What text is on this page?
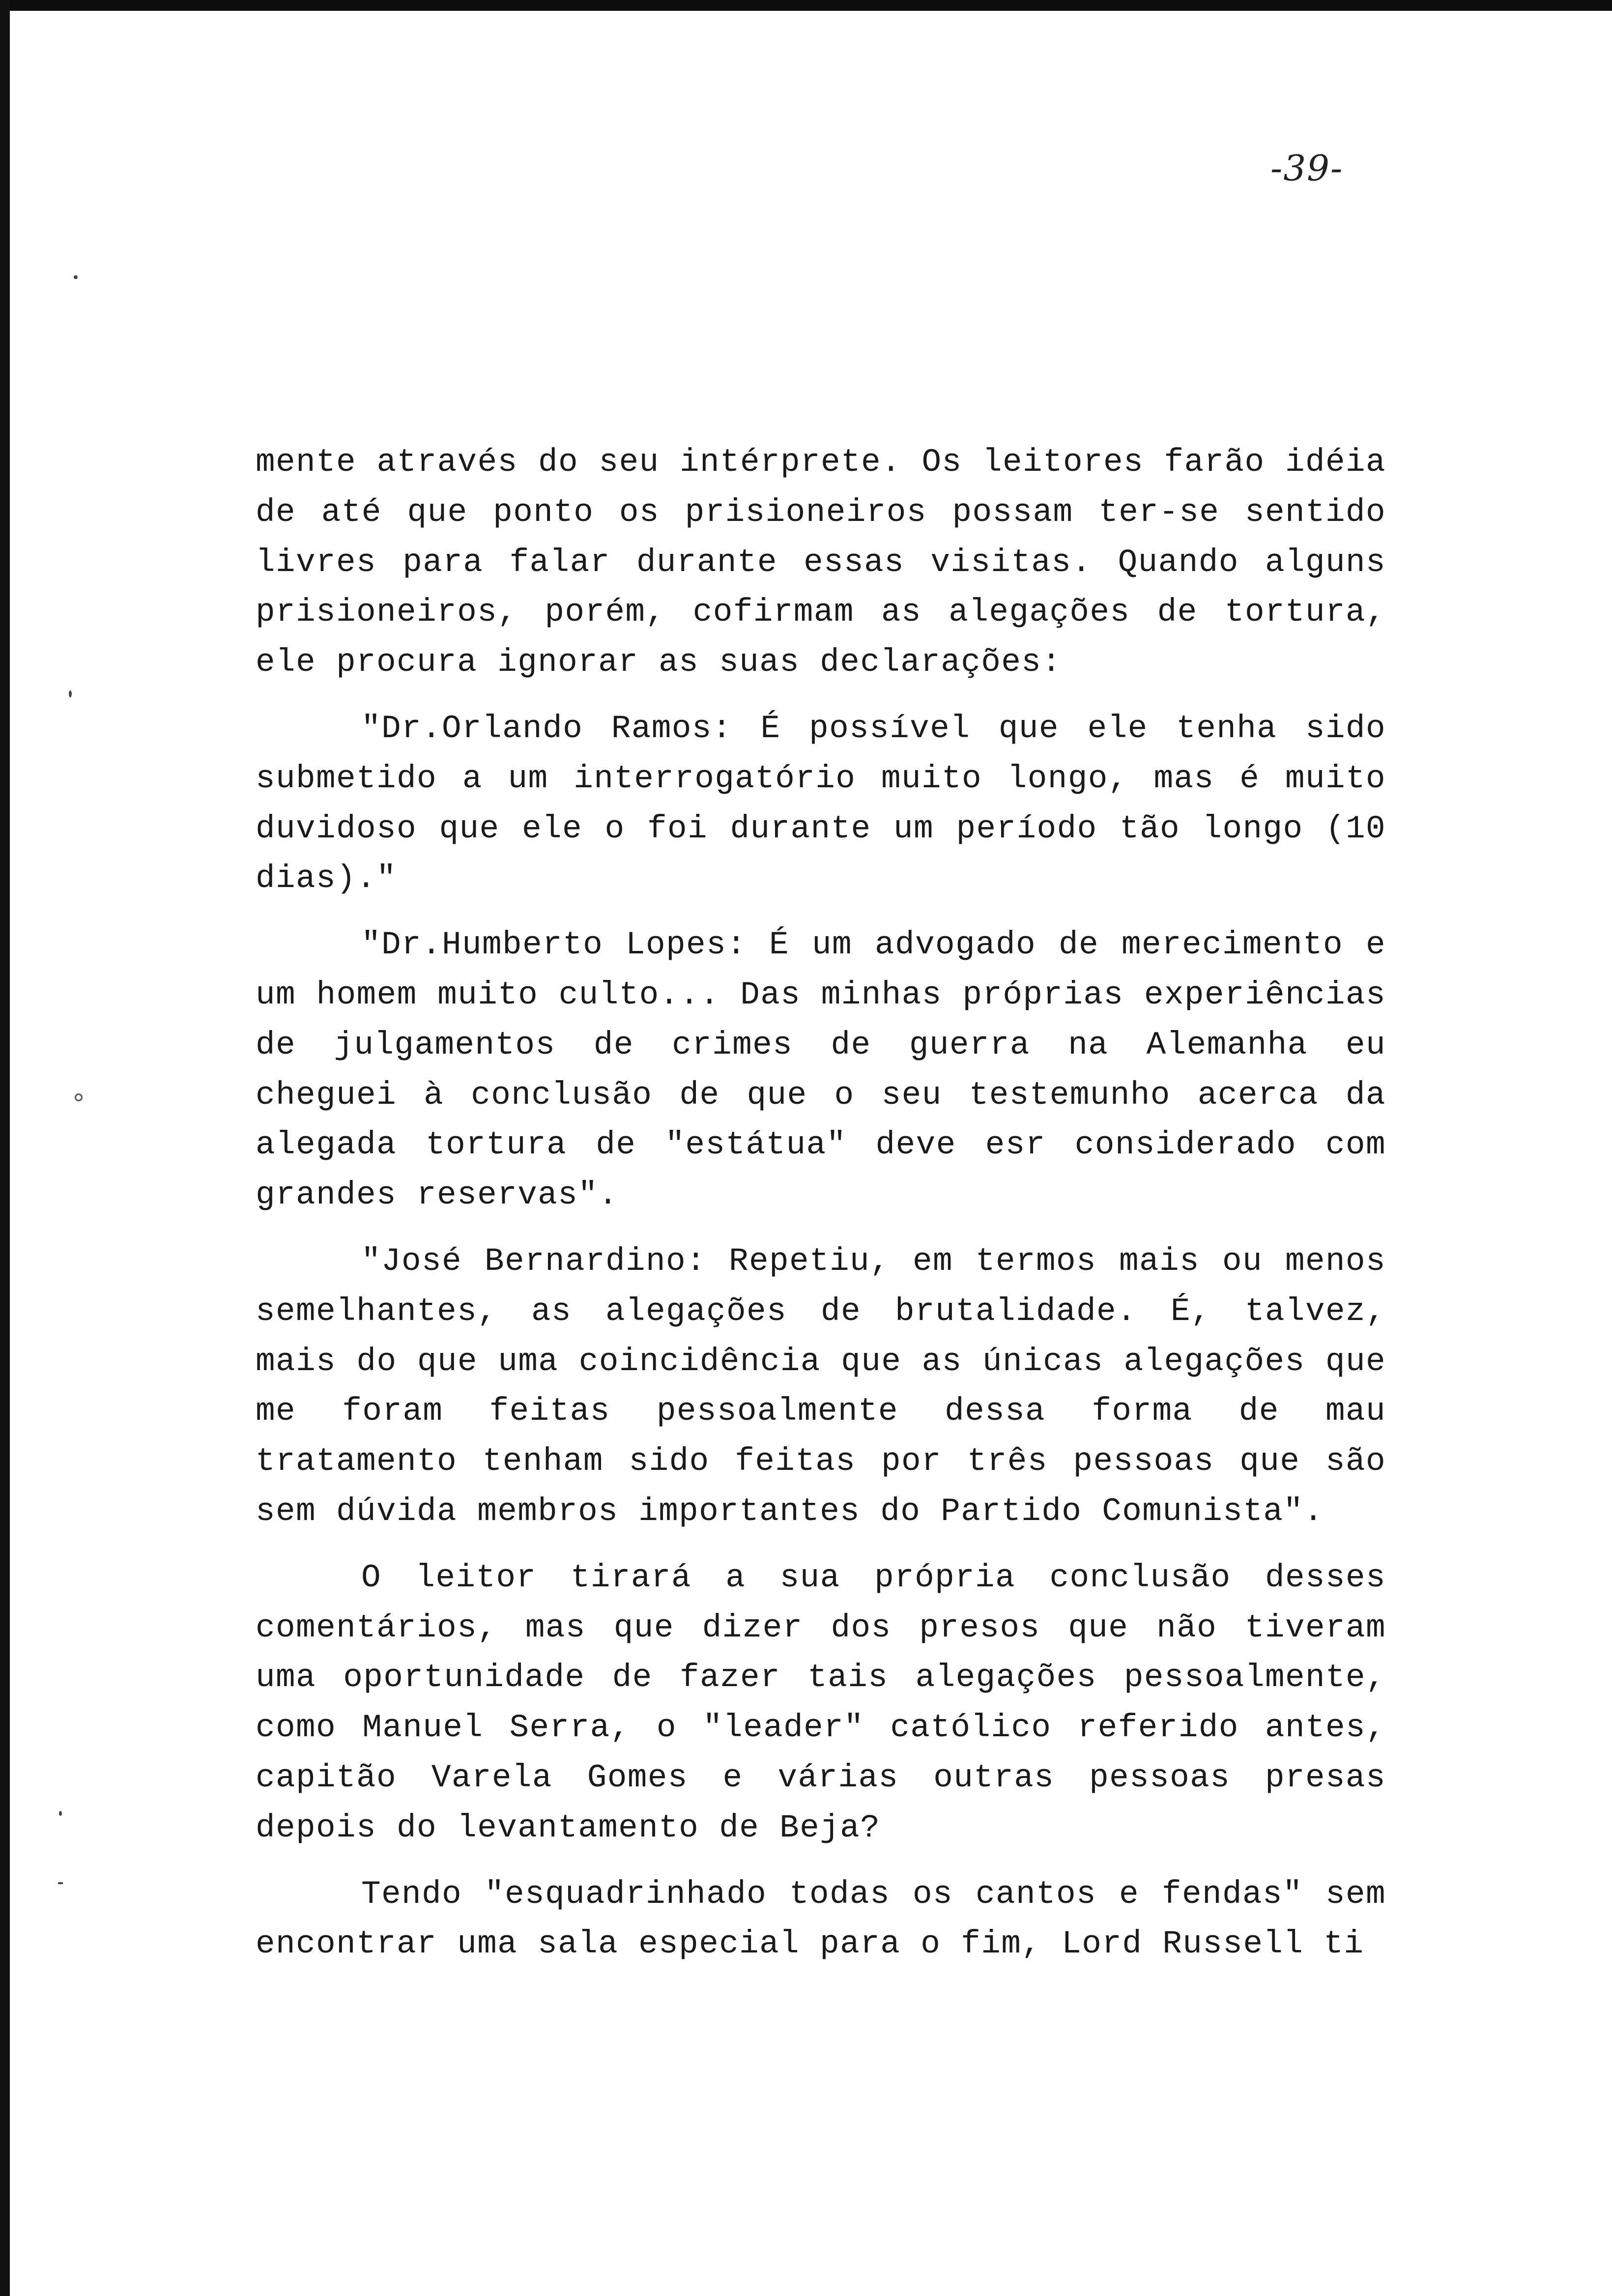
-39-

mente através do seu intérprete. Os leitores farão idéia de até que ponto os prisioneiros possam ter-se sentido livres para falar durante essas visitas. Quando alguns prisioneiros, porém, cofirmam as alegações de tortura, ele procura ignorar as suas declarações:

"Dr.Orlando Ramos: É possível que ele tenha sido submetido a um interrogatório muito longo, mas é muito duvidoso que ele o foi durante um período tão longo (10 dias)."

"Dr.Humberto Lopes: É um advogado de merecimento e um homem muito culto... Das minhas próprias experiências de julgamentos de crimes de guerra na Alemanha eu cheguei à conclusão de que o seu testemunho acerca da alegada tortura de "estátua" deve esr considerado com grandes reservas".

"José Bernardino: Repetiu, em termos mais ou menos semelhantes, as alegações de brutalidade. É, talvez, mais do que uma coincidência que as únicas alegações que me foram feitas pessoalmente dessa forma de mau tratamento tenham sido feitas por três pessoas que são sem dúvida membros importantes do Partido Comunista".

O leitor tirará a sua própria conclusão desses comentários, mas que dizer dos presos que não tiveram uma oportunidade de fazer tais alegações pessoalmente, como Manuel Serra, o "leader" católico referido antes, capitão Varela Gomes e várias outras pessoas presas depois do levantamento de Beja?

Tendo "esquadrinhado todas os cantos e fendas" sem encontrar uma sala especial para o fim, Lord Russell ti
